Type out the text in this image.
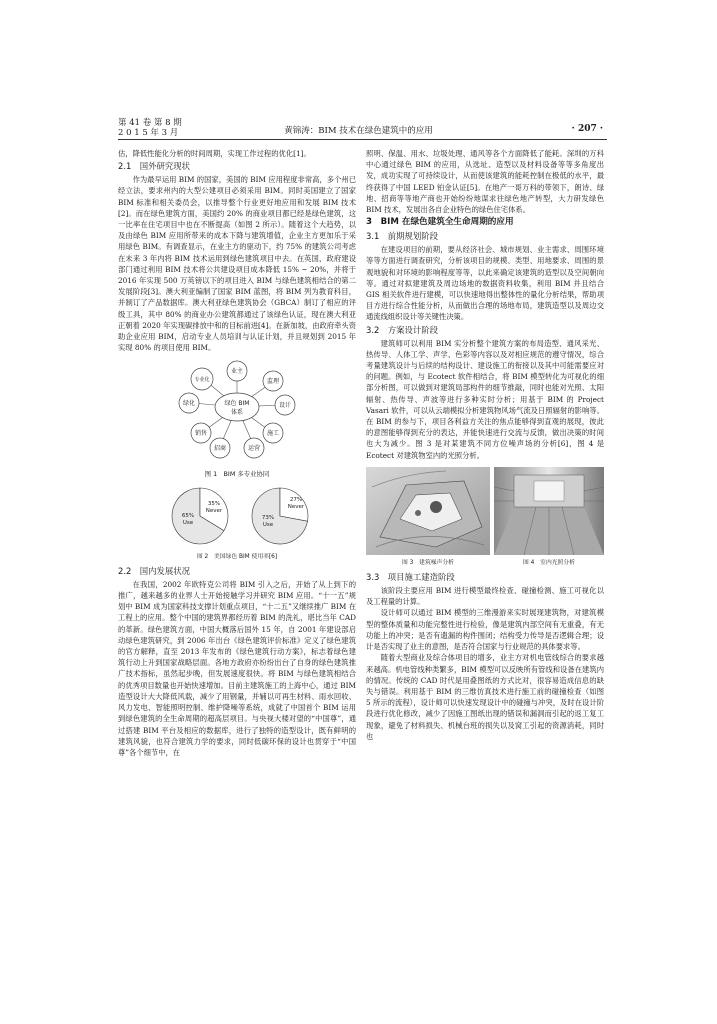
第 41 卷 第 8 期
2 0 1 5 年 3 月	黄锦涛：BIM 技术在绿色建筑中的应用	· 207 ·

估，降低性能化分析的时间周期，实现工作过程的优化[1]。

2.1　国外研究现状

作为最早运用 BIM 的国家，美国的 BIM 应用程度非常高，多个州已经立法，要求州内的大型公建项目必须采用 BIM。同时美国建立了国家 BIM 标准和相关委员会，以推导整个行业更好地应用和发展 BIM 技术[2]。而在绿色建筑方面，美国约 20% 的商业项目都已经是绿色建筑，这一比率在住宅项目中也在不断提高（如图 2 所示）。随着这个大趋势，以及由绿色 BIM 应用所带来的成本下降与建筑增值，企业主方更加乐于采用绿色 BIM。有调查显示，在业主方的驱动下，约 75% 的建筑公司考虑在未来 3 年内将 BIM 技术运用到绿色建筑项目中去。在英国，政府建设部门通过利用 BIM 技术将公共建设项目成本降低 15% ~ 20%，并将于 2016 年实现 500 万英镑以下的项目进入 BIM 与绿色建筑相结合的第二发展阶段[3]。澳大利亚编制了国家 BIM 蓝图，将 BIM 列为教育科目，并制订了产品数据库。澳大利亚绿色建筑协会（GBCA）制订了相应的评级工具，其中 80% 的商业办公建筑都通过了该绿色认证，现在澳大利亚正朝着 2020 年实现碳排放中和的目标前进[4]。在新加坡，由政府牵头资助企业应用 BIM，启动专业人员培训与认证计划，并且规划到 2015 年实现 80% 的项目使用 BIM。

绿色 BIM
体系
业主
监理
设计
施工
运营
招商
销售
绿化
专业化
图 1　BIM 多专业协同
35%
Never
65%
Use
27%
Never
73%
Use
图 2　美国绿色 BIM 使用率[6]
2.2　国内发展状况

在我国，2002 年欧特克公司将 BIM 引入之后，开始了从上到下的推广，越来越多的业界人士开始接触学习并研究 BIM 应用。“十一五”规划中 BIM 成为国家科技支撑计划重点项目，“十二五”又继续推广 BIM 在工程上的应用。整个中国的建筑界都经历着 BIM 的洗礼，堪比当年 CAD 的革新。绿色建筑方面，中国大概落后国外 15 年，自 2001 年建设部启动绿色建筑研究，到 2006 年出台《绿色建筑评价标准》定义了绿色建筑的官方解释，直至 2013 年发布的《绿色建筑行动方案》，标志着绿色建筑行动上升到国家战略层面。各地方政府亦纷纷出台了自身的绿色建筑推广技术指标，虽然起步晚，但发展速度很快。将 BIM 与绿色建筑相结合的优秀项目数量也开始快速增加。目前主建筑施工的上海中心，通过 BIM 造型设计大大降低风载，减少了用钢量，并辅以可再生材料、雨水回收、风力发电、智能照明控制、维护降噪等系统，成就了中国首个 BIM 运用到绿色建筑的全生命周期的超高层项目。与央视大楼对望的“中国尊”，通过搭建 BIM 平台及相应的数据库，进行了独特的造型设计，既有鲜明的建筑风貌，也符合建筑力学的要求，同时低碳环保的设计也贯穿于“中国尊”各个细节中，在

照明、保温、用水、垃圾处理、通风等各个方面降低了能耗。深圳的万科中心通过绿色 BIM 的应用，从选址、造型以及材料设备等等多角度出发，成功实现了可持续设计，从而使该建筑的能耗控制在极低的水平，最终获得了中国 LEED 铂金认证[5]。在地产一哥万科的带领下，朗诗、绿地、招商等等地产商也开始纷纷地谋求往绿色地产转型，大力研发绿色 BIM 技术，发展出各自企业特色的绿色住宅体系。

3　BIM 在绿色建筑全生命周期的应用
3.1　前期规划阶段

在建设项目的前期，要从经济社会、城市规划、业主需求、周围环境等等方面进行调查研究，分析该项目的规模、类型、用地要求、周围的景观地貌和对环境的影响程度等等，以此来确定该建筑的造型以及空间朝向等。通过对拟建建筑及周边场地的数据资料收集，利用 BIM 并且结合 GIS 相关软件进行建模，可以快速地得出整体性的量化分析结果，帮助项目方进行综合性能分析，从而做出合理的场地布局，建筑造型以及周边交通流线组织设计等关键性决策。

3.2　方案设计阶段

建筑师可以利用 BIM 实分析整个建筑方案的布局造型、通风采光、热传导、人体工学、声学、色彩等内容以及对相应规范的遵守情况，综合考量建筑设计与后续的结构设计、建设施工的衔接以及其中可能需要应对的问题。例如，与 Ecotect 软件相结合，将 BIM 模型转化为可视化的细部分析图，可以做到对建筑局部构件的细节推敲，同时也能对光照、太阳辐射、热传导、声波等进行多种实时分析；用基于 BIM 的 Project Vasari 软件，可以从云端模拟分析建筑物风场气流及日照辐射的影响等。在 BIM 的参与下，项目各利益方关注的焦点能够得到直观的展现，彼此的意图能够得到充分的表达，并能快速进行交流与反馈，做出决策的时间也大为减少。图 3 是对某建筑不同方位噪声场的分析[6]，图 4 是 Ecotect 对建筑物室内的光照分析。

图 3　建筑噪声分析	图 4　室内光照分析
3.3　项目施工建造阶段

该阶段主要应用 BIM 进行模型最终检查、碰撞检测、施工可视化以及工程量的计算。

设计师可以通过 BIM 模型的三维漫游来实时展现建筑物，对建筑模型的整体质量和功能完整性进行检验，像是建筑内部空间有无重叠，有无功能上的冲突；是否有遗漏的构件围闭；结构受力传导是否逻辑合理；设计是否实现了业主的意图，是否符合国家与行业规范的具体要求等。

随着大型商业及综合体项目的增多，业主方对机电管线综合的要求越来越高。机电管线种类繁多，BIM 模型可以反映所有管线和设备在建筑内的情况。传统的 CAD 时代是用叠图纸的方式比对，很容易造成信息的缺失与错误。利用基于 BIM 的三维仿真技术进行施工前的碰撞检查（如图 5 所示的流程），设计师可以快速发现设计中的碰撞与冲突，及时在设计阶段进行优化修改，减少了因施工图纸出现的错误和漏洞而引起的返工复工现象，避免了材料损失、机械台班的损失以及窝工引起的资源消耗，同时也
